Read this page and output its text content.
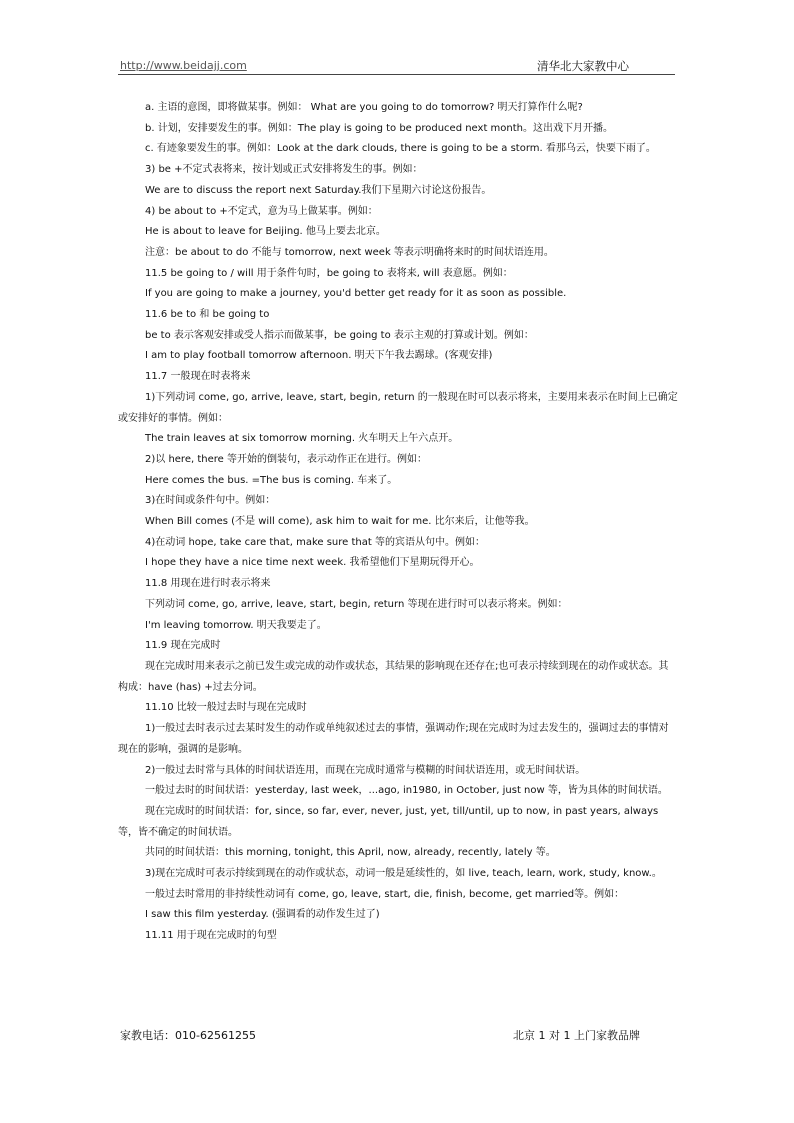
http://www.beidajj.com	清华北大家教中心
a. 主语的意图，即将做某事。例如： What are you going to do tomorrow? 明天打算作什么呢?
b. 计划，安排要发生的事。例如：The play is going to be produced next month。这出戏下月开播。
c. 有迹象要发生的事。例如：Look at the dark clouds, there is going to be a storm. 看那乌云，快要下雨了。
3) be +不定式表将来，按计划或正式安排将发生的事。例如：
We are to discuss the report next Saturday.我们下星期六讨论这份报告。
4) be about to +不定式，意为马上做某事。例如：
He is about to leave for Beijing. 他马上要去北京。
注意：be about to do 不能与 tomorrow, next week 等表示明确将来时的时间状语连用。
11.5 be going to / will 用于条件句时，be going to 表将来, will 表意愿。例如：
If you are going to make a journey, you'd better get ready for it as soon as possible.
11.6 be to 和 be going to
be to 表示客观安排或受人指示而做某事，be going to 表示主观的打算或计划。例如：
I am to play football tomorrow afternoon. 明天下午我去踢球。(客观安排)
11.7 一般现在时表将来
1)下列动词 come, go, arrive, leave, start, begin, return 的一般现在时可以表示将来，主要用来表示在时间上已确定或安排好的事情。例如：
The train leaves at six tomorrow morning. 火车明天上午六点开。
2)以 here, there 等开始的倒装句，表示动作正在进行。例如：
Here comes the bus. =The bus is coming. 车来了。
3)在时间或条件句中。例如：
When Bill comes (不是 will come), ask him to wait for me. 比尔来后，让他等我。
4)在动词 hope, take care that, make sure that 等的宾语从句中。例如：
I hope they have a nice time next week. 我希望他们下星期玩得开心。
11.8 用现在进行时表示将来
下列动词 come, go, arrive, leave, start, begin, return 等现在进行时可以表示将来。例如：
I'm leaving tomorrow. 明天我要走了。
11.9 现在完成时
现在完成时用来表示之前已发生或完成的动作或状态，其结果的影响现在还存在;也可表示持续到现在的动作或状态。其构成：have (has) +过去分词。
11.10 比较一般过去时与现在完成时
1)一般过去时表示过去某时发生的动作或单纯叙述过去的事情，强调动作;现在完成时为过去发生的，强调过去的事情对现在的影响，强调的是影响。
2)一般过去时常与具体的时间状语连用，而现在完成时通常与模糊的时间状语连用，或无时间状语。
一般过去时的时间状语：yesterday, last week，...ago, in1980, in October, just now 等，皆为具体的时间状语。
现在完成时的时间状语：for, since, so far, ever, never, just, yet, till/until, up to now, in past years, always 等，皆不确定的时间状语。
共同的时间状语：this morning, tonight, this April, now, already, recently, lately 等。
3)现在完成时可表示持续到现在的动作或状态，动词一般是延续性的，如 live, teach, learn, work, study, know.。
一般过去时常用的非持续性动词有 come, go, leave, start, die, finish, become, get married等。例如：
I saw this film yesterday. (强调看的动作发生过了)
11.11 用于现在完成时的句型
家教电话：010-62561255	北京 1 对 1 上门家教品牌
